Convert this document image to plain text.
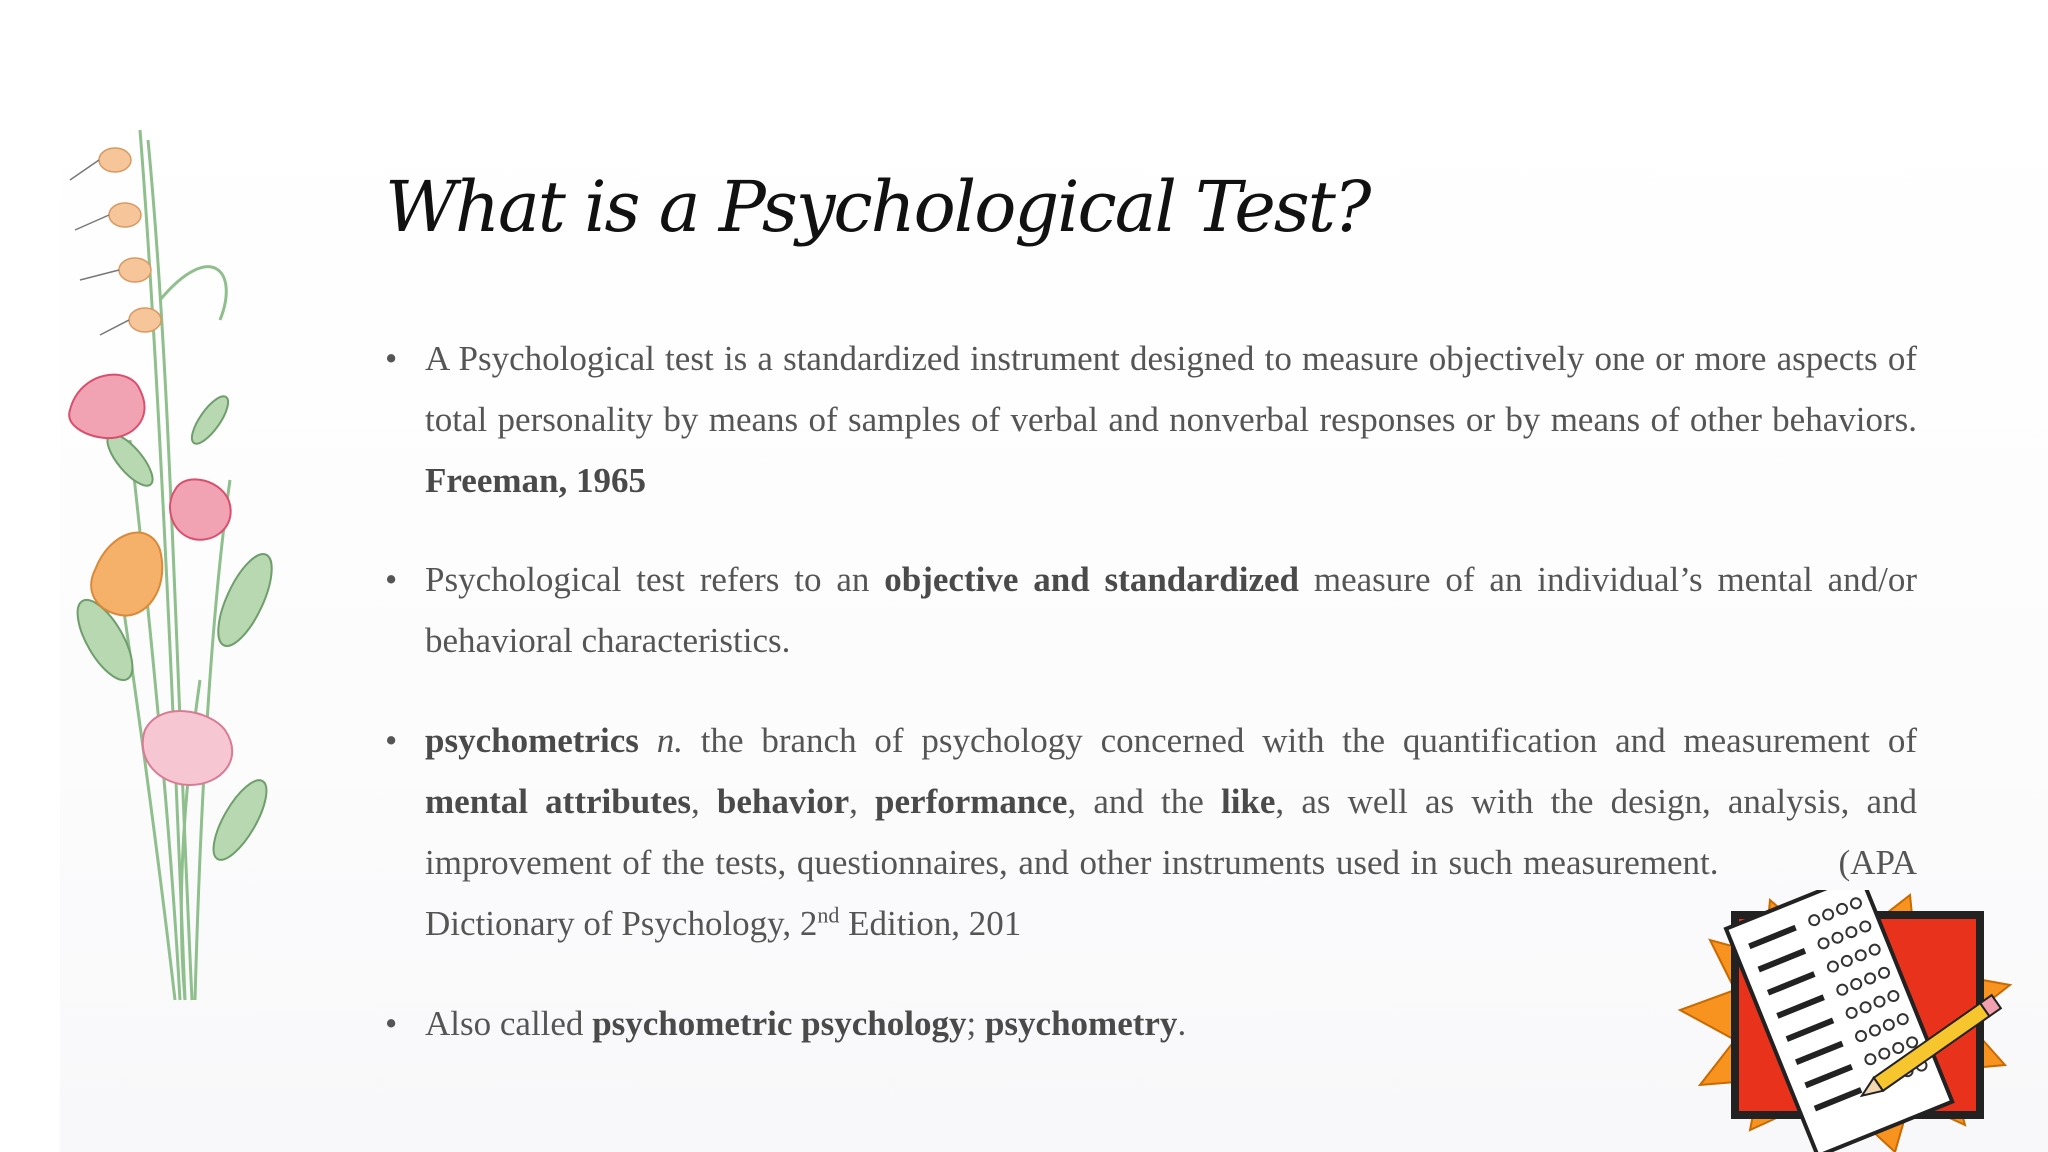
What is a Psychological Test?
• A Psychological test is a standardized instrument designed to measure objectively one or more aspects of total personality by means of samples of verbal and nonverbal responses or by means of other behaviors. Freeman, 1965
• Psychological test refers to an objective and standardized measure of an individual’s mental and/or behavioral characteristics.
• psychometrics n. the branch of psychology concerned with the quantification and measurement of mental attributes, behavior, performance, and the like, as well as with the design, analysis, and improvement of the tests, questionnaires, and other instruments used in such measurement.	(APA Dictionary of Psychology, 2nd Edition, 201
• Also called psychometric psychology; psychometry.
